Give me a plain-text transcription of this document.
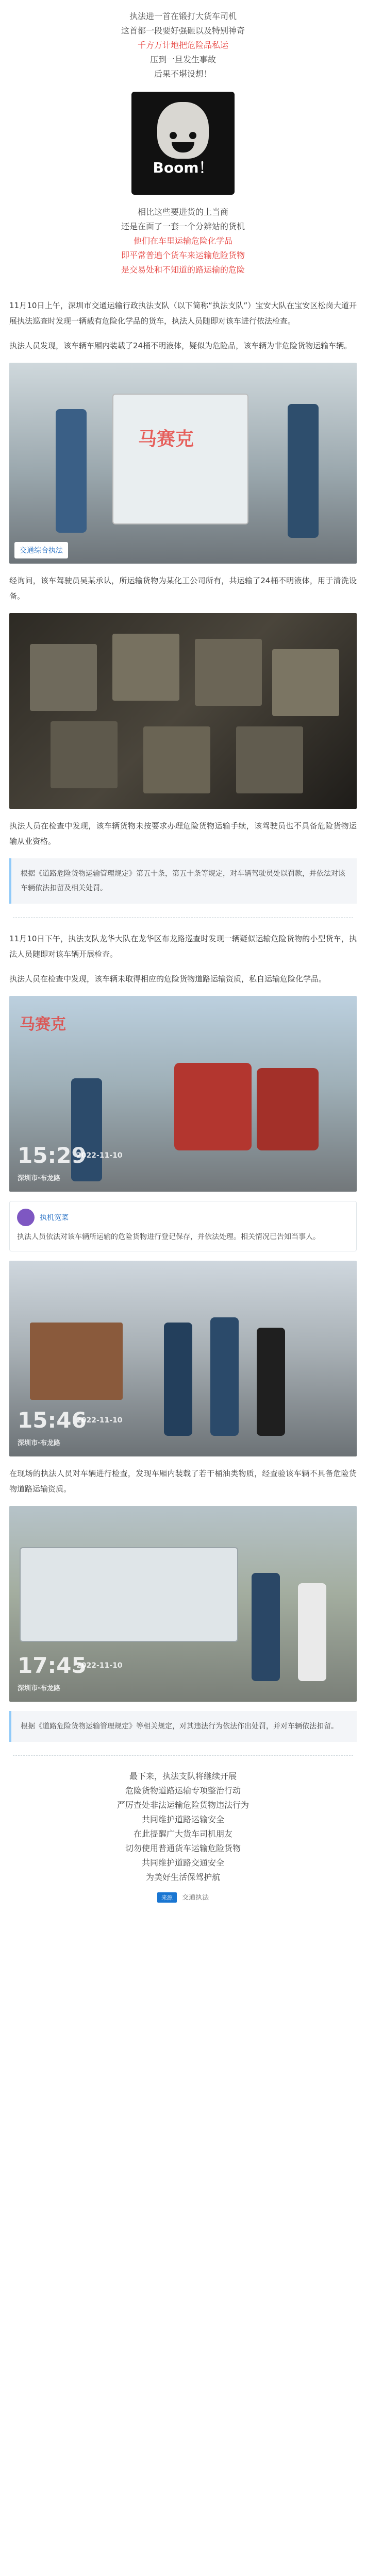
执法进一首在锻打大货车司机
这首都一段要好强砸以及特别神奇
千方万计地把危险品私运
压到一旦发生事故
后果不堪设想！
Boom！
相比这些要进货的上当商
还是在面了一套一个分辨站的货机
他们在车里运输危险化学品
即平常普遍个货车来运输危险货物
是交易处和不知道的路运输的危险

11月10日上午，深圳市交通运输行政执法支队（以下简称“执法支队”）宝安大队在宝安区松岗大道开展执法巡查时发现一辆载有危险化学品的货车，执法人员随即对该车进行依法检查。

执法人员发现，该车辆车厢内装载了24桶不明液体，疑似为危险品，该车辆为非危险货物运输车辆。

马赛克
交通综合执法

经询问，该车驾驶员吴某承认，所运输货物为某化工公司所有，共运输了24桶不明液体，用于清洗设备。

执法人员在检查中发现，该车辆货物未按要求办理危险货物运输手续，该驾驶员也不具备危险货物运输从业资格。

根据《道路危险货物运输管理规定》第五十条，第五十条等规定，对车辆驾驶员处以罚款，并依法对该车辆依法扣留及相关处罚。

11月10日下午，执法支队龙华大队在龙华区布龙路巡查时发现一辆疑似运输危险货物的小型货车，执法人员随即对该车辆开展检查。

执法人员在检查中发现，该车辆未取得相应的危险货物道路运输资质，私自运输危险化学品。

马赛克
15:29
2022-11-10
深圳市·布龙路
执机宽菜
执法人员依法对该车辆所运输的危险货物进行登记保存，并依法处理。相关情况已告知当事人。
15:46
2022-11-10
深圳市·布龙路

在现场的执法人员对车辆进行检查，发现车厢内装载了若干桶油类物质，经查验该车辆不具备危险货物道路运输资质。

17:45
2022-11-10
深圳市·布龙路
根据《道路危险货物运输管理规定》等相关规定，对其违法行为依法作出处罚，并对车辆依法扣留。
最下来，执法支队将继续开展
危险货物道路运输专项整治行动
严厉查处非法运输危险货物违法行为
共同维护道路运输安全
在此提醒广大货车司机朋友
切勿使用普通货车运输危险货物
共同维护道路交通安全
为美好生活保驾护航
来源 交通执法
